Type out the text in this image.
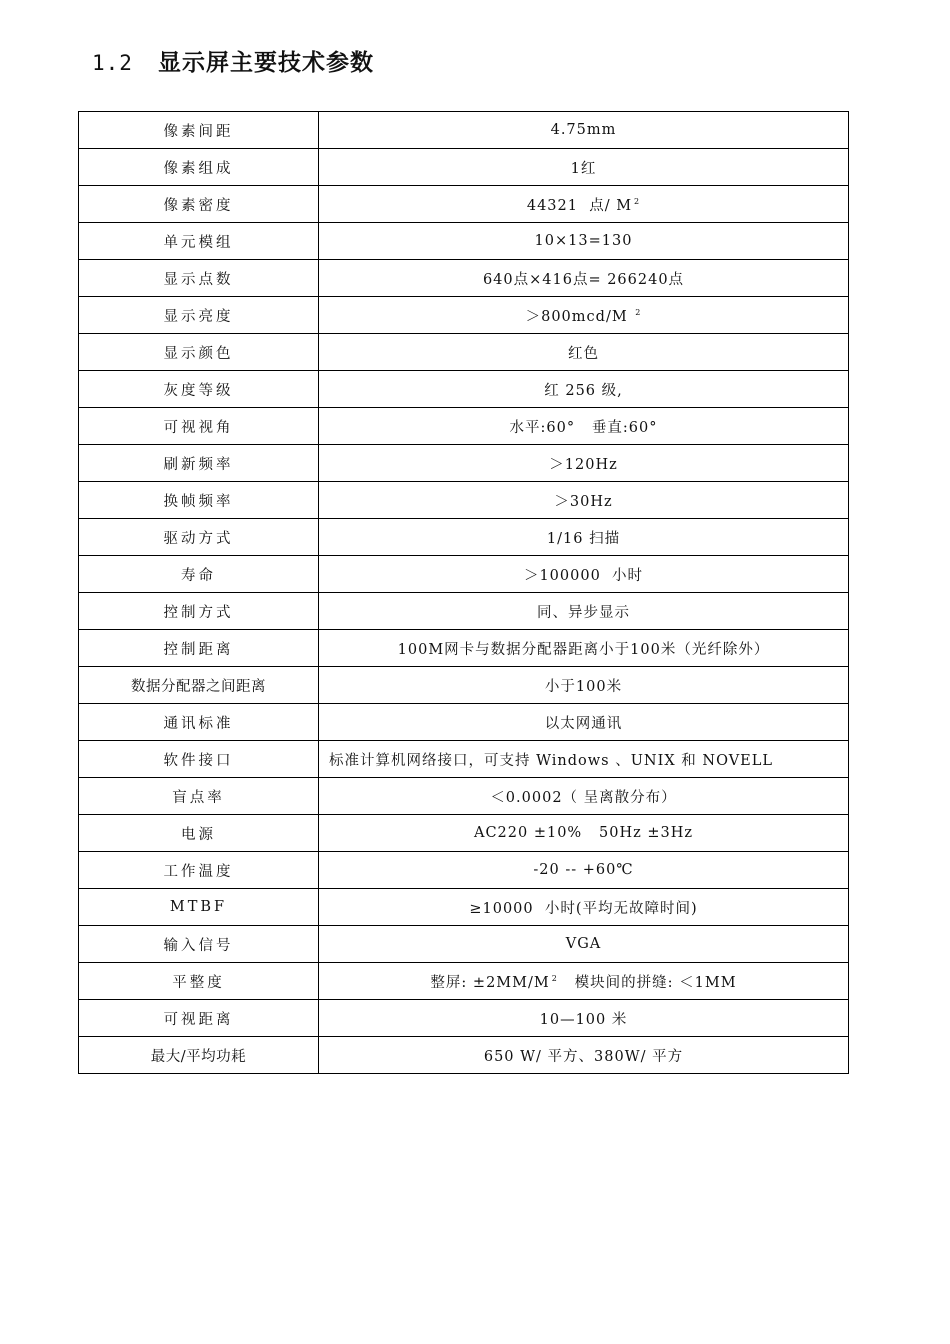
1.2	显示屏主要技术参数
像素间距	4.75mm
像素组成	1红
像素密度	44321  点/ M $^2$
单元模组	10×13=130
显示点数	640点×416点= 266240点
显示亮度	＞800mcd/M $^2$
显示颜色	红色
灰度等级	红 256 级,
可视视角	水平:60°   垂直:60°
刷新频率	＞120Hz
换帧频率	＞30Hz
驱动方式	1/16 扫描
寿命	＞100000  小时
控制方式	同、异步显示
控制距离	100M网卡与数据分配器距离小于100米（光纤除外）
数据分配器之间距离	小于100米
通讯标准	以太网通讯
软件接口	标准计算机网络接口，可支持 Windows 、UNIX 和 NOVELL
盲点率	＜0.0002（ 呈离散分布）
电源	AC220 ±10%   50Hz ±3Hz
工作温度	-20 -- +60℃
MTBF	≥10000  小时(平均无故障时间)
输入信号	VGA
平整度	整屏: ±2MM/M $^2$   模块间的拼缝: ＜1MM
可视距离	10—100 米
最大/平均功耗	650 W/ 平方、380W/ 平方
